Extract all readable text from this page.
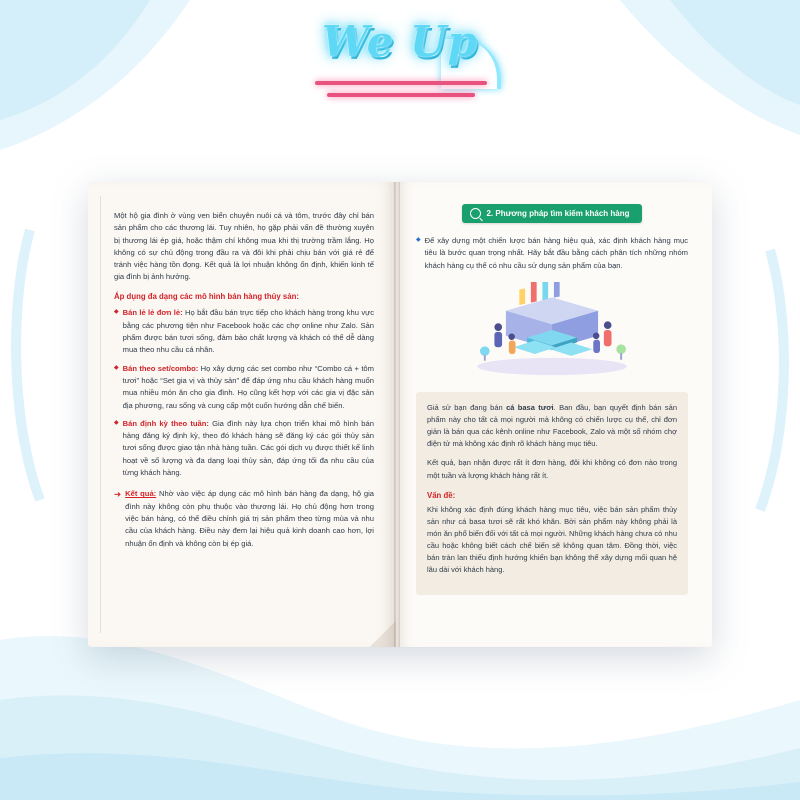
We Up

Một hộ gia đình ở vùng ven biển chuyên nuôi cá và tôm, trước đây chỉ bán sản phẩm cho các thương lái. Tuy nhiên, họ gặp phải vấn đề thường xuyên bị thương lái ép giá, hoặc thậm chí không mua khi thị trường trầm lắng. Họ không có sự chủ động trong đầu ra và đôi khi phải chịu bán với giá rẻ để tránh việc hàng tồn đọng. Kết quả là lợi nhuận không ổn định, khiến kinh tế gia đình bị ảnh hưởng.

Áp dụng đa dạng các mô hình bán hàng thủy sản:

◆ Bán lẻ lẻ đơn lẻ: Họ bắt đầu bán trực tiếp cho khách hàng trong khu vực bằng các phương tiện như Facebook hoặc các chợ online như Zalo. Sản phẩm được bán tươi sống, đảm bảo chất lượng và khách có thể dễ dàng mua theo nhu cầu cá nhân.
◆ Bán theo set/combo: Họ xây dựng các set combo như “Combo cá + tôm tươi” hoặc “Set gia vị và thủy sản” để đáp ứng nhu cầu khách hàng muốn mua nhiều món ăn cho gia đình. Họ cũng kết hợp với các gia vị đặc sản địa phương, rau sống và cung cấp một cuốn hướng dẫn chế biến.
◆ Bán định kỳ theo tuần: Gia đình này lựa chọn triển khai mô hình bán hàng đăng ký định kỳ, theo đó khách hàng sẽ đăng ký các gói thủy sản tươi sống được giao tận nhà hàng tuần. Các gói dịch vụ được thiết kế linh hoạt về số lượng và đa dạng loại thủy sản, đáp ứng tối đa nhu cầu của từng khách hàng.
➜ Kết quả: Nhờ vào việc áp dụng các mô hình bán hàng đa dạng, hộ gia đình này không còn phụ thuộc vào thương lái. Họ chủ động hơn trong việc bán hàng, có thể điều chỉnh giá trị sản phẩm theo từng mùa và nhu cầu của khách hàng. Điều này đem lại hiệu quả kinh doanh cao hơn, lợi nhuận ổn định và không còn bị ép giá.
2. Phương pháp tìm kiếm khách hàng
◆ Để xây dựng một chiến lược bán hàng hiệu quả, xác định khách hàng mục tiêu là bước quan trọng nhất. Hãy bắt đầu bằng cách phân tích những nhóm khách hàng cụ thể có nhu cầu sử dụng sản phẩm của bạn.

Giả sử bạn đang bán cá basa tươi. Ban đầu, bạn quyết định bán sản phẩm này cho tất cả mọi người mà không có chiến lược cụ thể, chỉ đơn giản là bán qua các kênh online như Facebook, Zalo và một số nhóm chợ điện tử mà không xác định rõ khách hàng mục tiêu.

Kết quả, bạn nhận được rất ít đơn hàng, đôi khi không có đơn nào trong một tuần và lượng khách hàng rất ít.

Vấn đề:

Khi không xác định đúng khách hàng mục tiêu, việc bán sản phẩm thủy sản như cá basa tươi sẽ rất khó khăn. Bởi sản phẩm này không phải là món ăn phổ biến đối với tất cả mọi người. Những khách hàng chưa có nhu cầu hoặc không biết cách chế biến sẽ không quan tâm. Đồng thời, việc bán tràn lan thiếu định hướng khiến bạn không thể xây dựng mối quan hệ lâu dài với khách hàng.
